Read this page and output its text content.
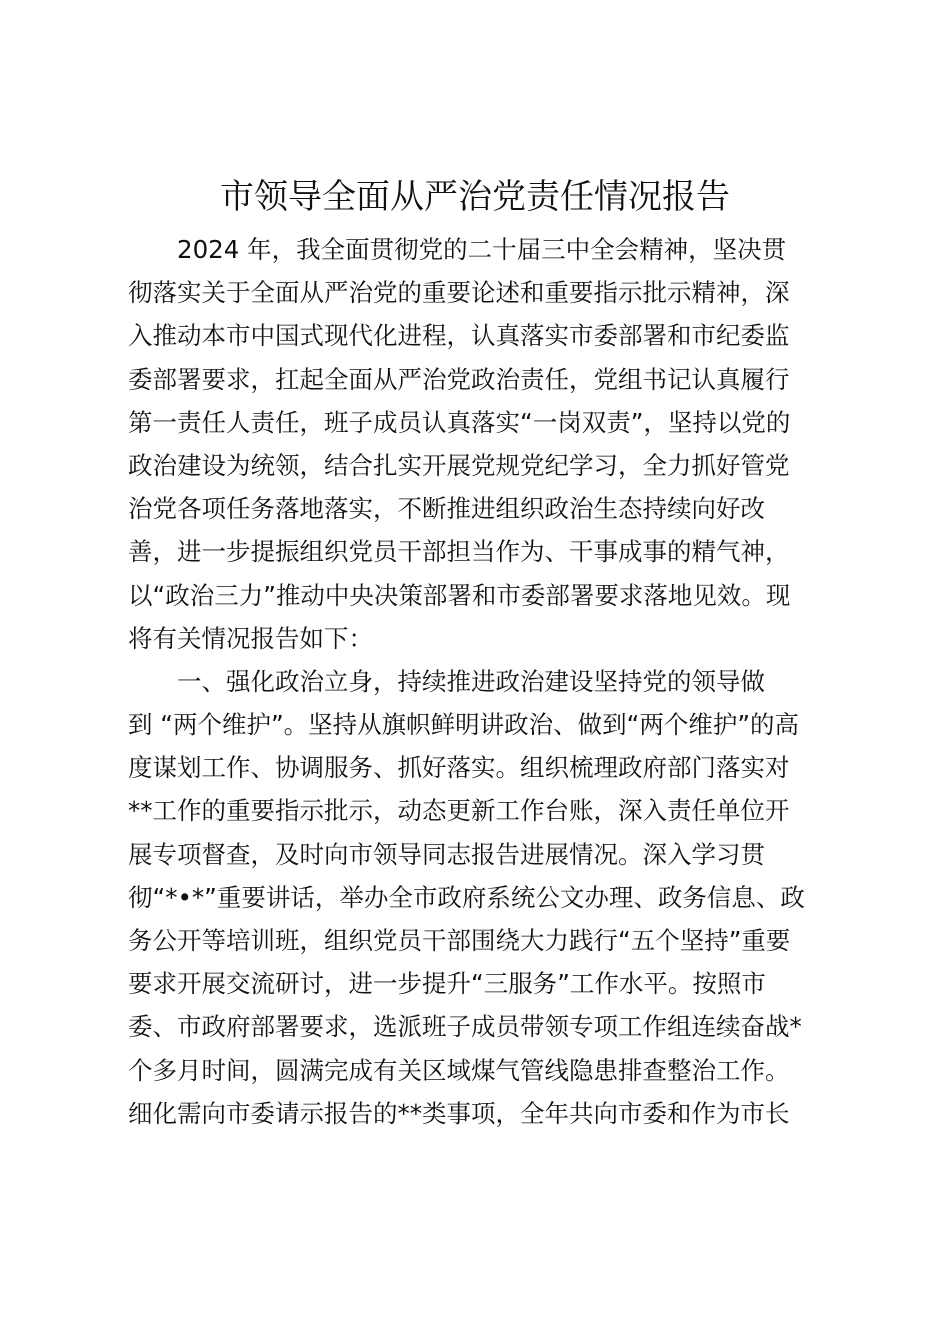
市领导全面从严治党责任情况报告
2024 年，我全面贯彻党的二十届三中全会精神，坚决贯
彻落实关于全面从严治党的重要论述和重要指示批示精神，深
入推动本市中国式现代化进程，认真落实市委部署和市纪委监
委部署要求，扛起全面从严治党政治责任，党组书记认真履行
第一责任人责任，班子成员认真落实“一岗双责”，坚持以党的
政治建设为统领，结合扎实开展党规党纪学习，全力抓好管党
治党各项任务落地落实，不断推进组织政治生态持续向好改
善，进一步提振组织党员干部担当作为、干事成事的精气神，
以“政治三力”推动中央决策部署和市委部署要求落地见效。现
将有关情况报告如下：
一、强化政治立身，持续推进政治建设坚持党的领导做
到 “两个维护”。坚持从旗帜鲜明讲政治、做到“两个维护”的高
度谋划工作、协调服务、抓好落实。组织梳理政府部门落实对
**工作的重要指示批示，动态更新工作台账，深入责任单位开
展专项督查，及时向市领导同志报告进展情况。深入学习贯
彻“*•*”重要讲话，举办全市政府系统公文办理、政务信息、政
务公开等培训班，组织党员干部围绕大力践行“五个坚持”重要
要求开展交流研讨，进一步提升“三服务”工作水平。按照市
委、市政府部署要求，选派班子成员带领专项工作组连续奋战*
个多月时间，圆满完成有关区域煤气管线隐患排查整治工作。
细化需向市委请示报告的**类事项，全年共向市委和作为市长
